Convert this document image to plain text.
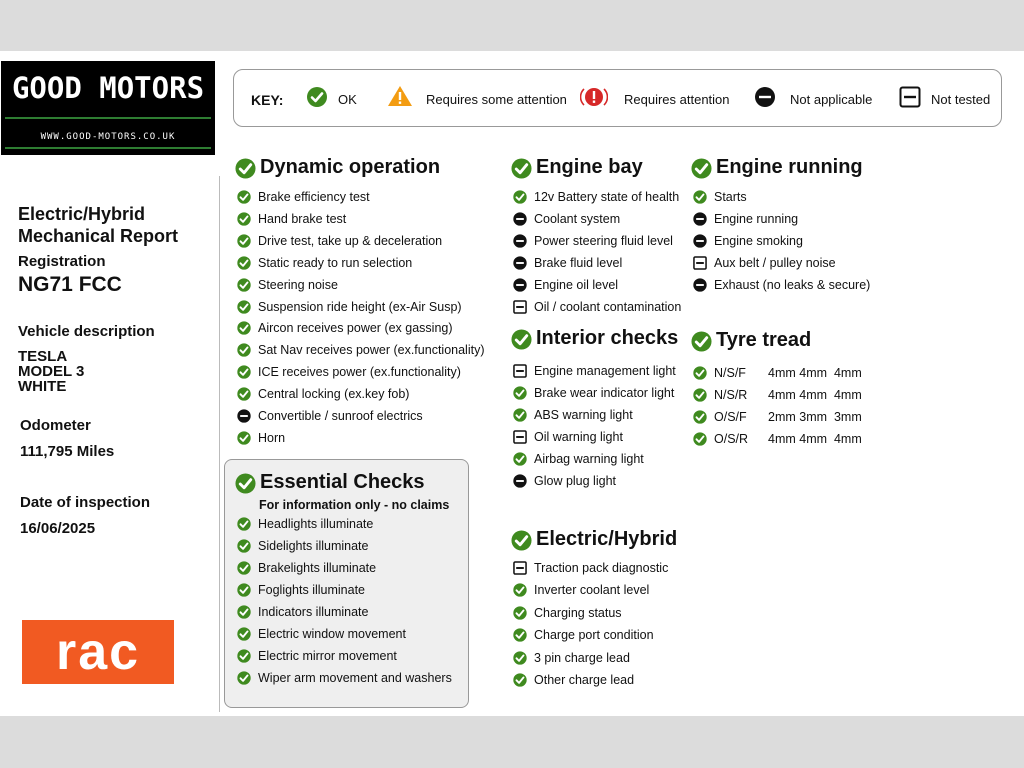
GOOD MOTORS
WWW.GOOD-MOTORS.CO.UK

Electric/Hybrid

Mechanical Report

Registration

NG71 FCC

Vehicle description

TESLA

MODEL 3

WHITE

Odometer

111,795 Miles

Date of inspection

16/06/2025

rac
KEY:	OK	Requires some attention	Requires attention	Not applicable	Not tested
Dynamic operation
Brake efficiency test
Hand brake test
Drive test, take up & deceleration
Static ready to run selection
Steering noise
Suspension ride height (ex-Air Susp)
Aircon receives power (ex gassing)
Sat Nav receives power (ex.functionality)
ICE receives power (ex.functionality)
Central locking (ex.key fob)
Convertible / sunroof electrics
Horn
Essential Checks
Headlights illuminate
Sidelights illuminate
Brakelights illuminate
Foglights illuminate
Indicators illuminate
Electric window movement
Electric mirror movement
Wiper arm movement and washers
Engine bay
12v Battery state of health
Coolant system
Power steering fluid level
Brake fluid level
Engine oil level
Oil / coolant contamination
Interior checks
Engine management light
Brake wear indicator light
ABS warning light
Oil warning light
Airbag warning light
Glow plug light
Electric/Hybrid
Traction pack diagnostic
Inverter coolant level
Charging status
Charge port condition
3 pin charge lead
Other charge lead
Engine running
Starts
Engine running
Engine smoking
Aux belt / pulley noise
Exhaust (no leaks & secure)
Tyre tread
N/S/F 4mm 4mm  4mm
N/S/R 4mm 4mm  4mm
O/S/F 2mm 3mm  3mm
O/S/R 4mm 4mm  4mm
For information only - no claims
